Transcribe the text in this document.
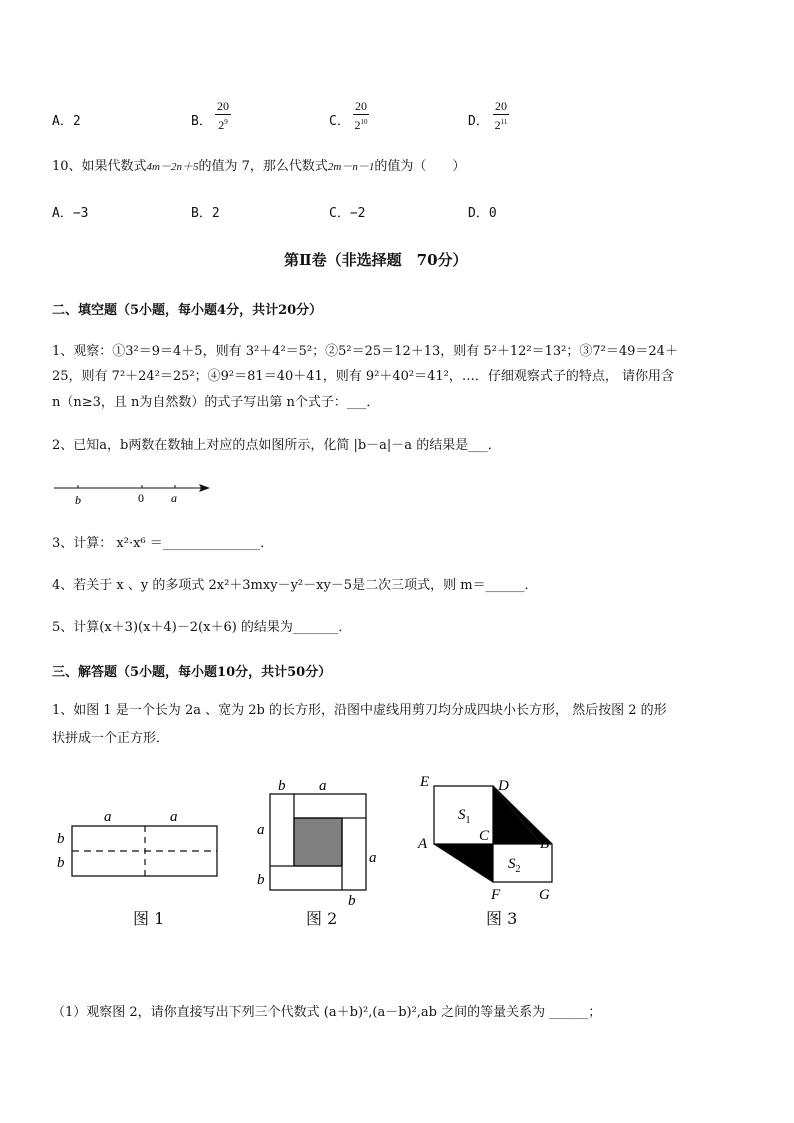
A．2	B． $\frac{20}{2^9}$	C． $\frac{20}{2^{10}}$	D． $\frac{20}{2^{11}}$
10、如果代数式4m－2n＋5的值为 7，那么代数式2m－n－1的值为（　　）
A．−3	B．2	C．−2	D．0
第Ⅱ卷（非选择题　70分）
二、填空题（5小题，每小题4分，共计20分）
1、观察：①3²＝9＝4＋5，则有 3²＋4²＝5²；②5²＝25＝12＋13，则有 5²＋12²＝13²；③7²＝49＝24＋
25，则有 7²＋24²＝25²；④9²＝81＝40＋41，则有 9²＋40²＝41²，…．仔细观察式子的特点， 请你用含
n（n≥3，且 n为自然数）的式子写出第 n个式子：___．
2、已知a，b两数在数轴上对应的点如图所示，化简 |b－a|－a 的结果是___．
b	0 a
3、计算： x²·x⁶ ＝_______________．
4、若关于 x 、y 的多项式 2x²＋3mxy－y²－xy－5是二次三项式，则 m＝______．
5、计算(x＋3)(x＋4)－2(x＋6) 的结果为_______．
三、解答题（5小题，每小题10分，共计50分）
1、如图 1 是一个长为 2a 、宽为 2b 的长方形，沿图中虚线用剪刀均分成四块小长方形， 然后按图 2 的形
状拼成一个正方形．
a	a
b
b
图 1
b a
a
a
b
b
图 2
E	D
$S_1$
C
A	B
$S_2$
F	G
图 3
（1）观察图 2，请你直接写出下列三个代数式 (a＋b)²,(a－b)²,ab 之间的等量关系为 ______；
